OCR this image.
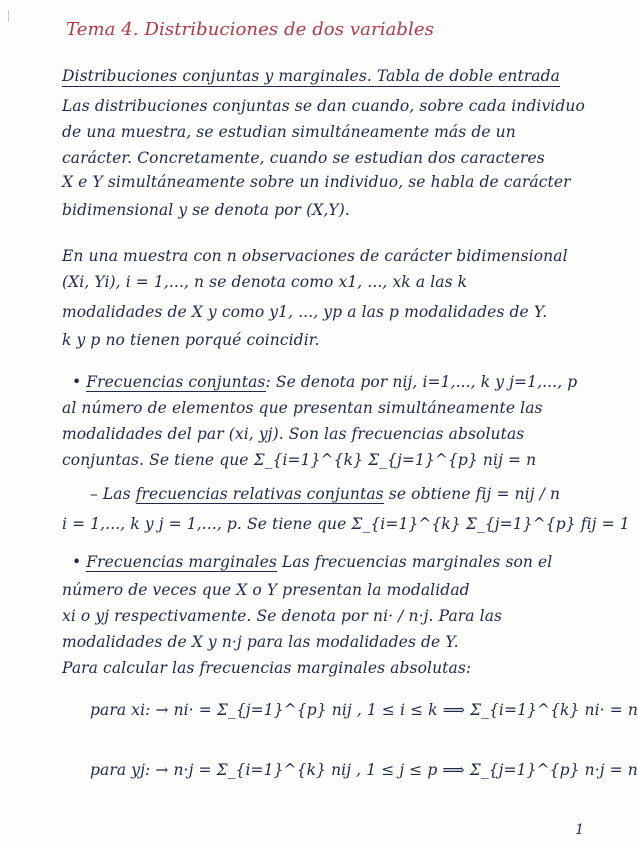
Tema 4. Distribuciones de dos variables
Distribuciones conjuntas y marginales. Tabla de doble entrada
Las distribuciones conjuntas se dan cuando, sobre cada individuo
de una muestra, se estudian simultáneamente más de un
carácter. Concretamente, cuando se estudian dos caracteres
X e Y simultáneamente sobre un individuo, se habla de carácter
bidimensional y se denota por (X,Y).
En una muestra con n observaciones de carácter bidimensional
(Xi, Yi), i = 1,..., n se denota como x1, ..., xk a las k
modalidades de X y como y1, ..., yp a las p modalidades de Y.
k y p no tienen porqué coincidir.
• Frecuencias conjuntas: Se denota por nij, i=1,..., k y j=1,..., p
al número de elementos que presentan simultáneamente las
modalidades del par (xi, yj). Son las frecuencias absolutas
conjuntas. Se tiene que Σ_{i=1}^{k} Σ_{j=1}^{p} nij = n
– Las frecuencias relativas conjuntas se obtiene fij = nij / n
i = 1,..., k y j = 1,..., p. Se tiene que Σ_{i=1}^{k} Σ_{j=1}^{p} fij = 1
• Frecuencias marginales Las frecuencias marginales son el
número de veces que X o Y presentan la modalidad
xi o yj respectivamente. Se denota por ni· / n·j. Para las
modalidades de X y n·j para las modalidades de Y.
Para calcular las frecuencias marginales absolutas:
para xi: → ni· = Σ_{j=1}^{p} nij , 1 ≤ i ≤ k ⟹ Σ_{i=1}^{k} ni· = n
para yj: → n·j = Σ_{i=1}^{k} nij , 1 ≤ j ≤ p ⟹ Σ_{j=1}^{p} n·j = n
1
